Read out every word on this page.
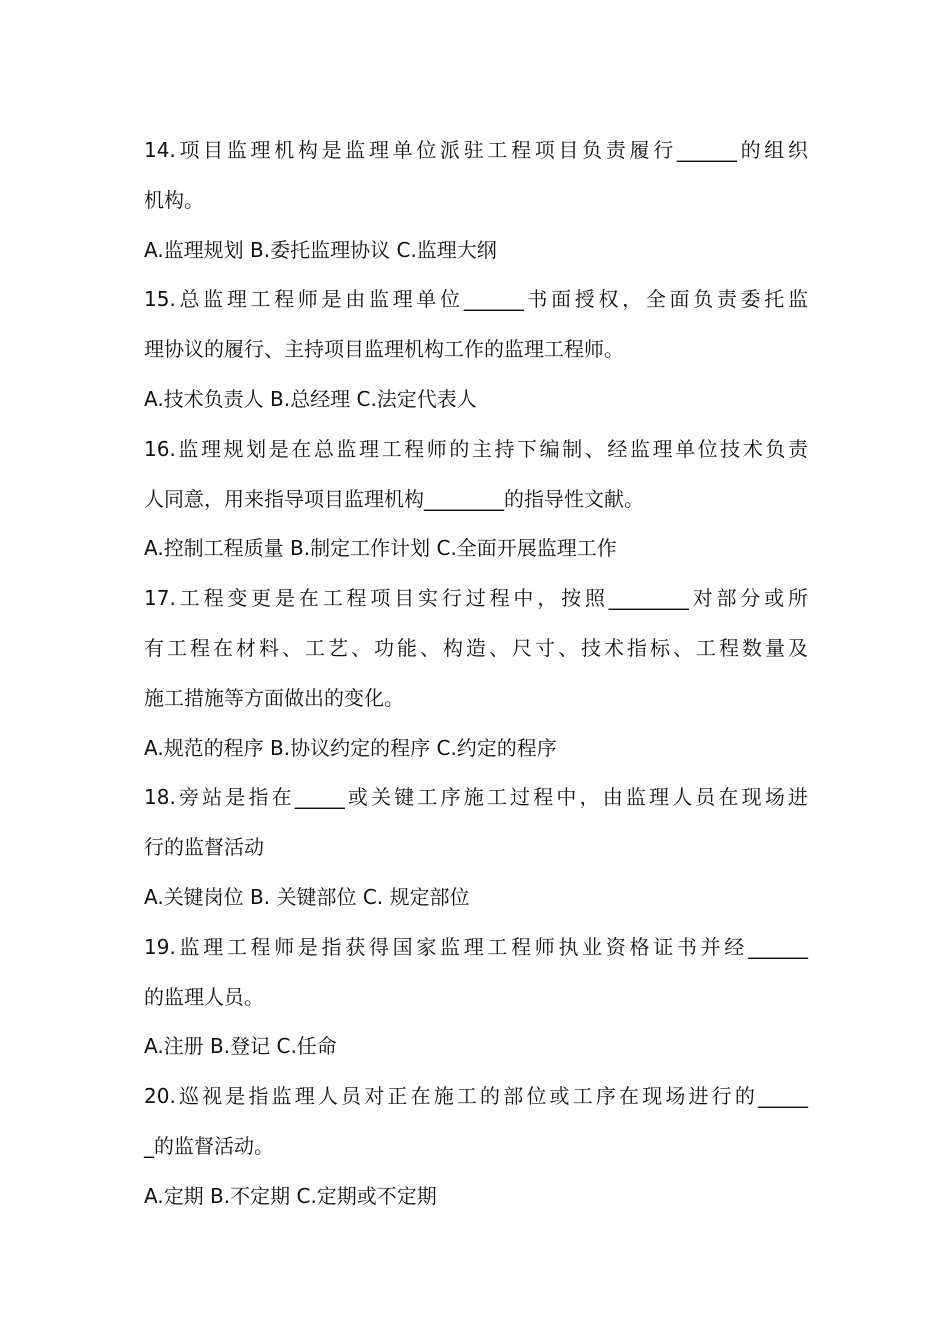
14.项目监理机构是监理单位派驻工程项目负责履行______的组织
机构。
A.监理规划 B.委托监理协议 C.监理大纲
15.总监理工程师是由监理单位______书面授权，全面负责委托监
理协议的履行、主持项目监理机构工作的监理工程师。
A.技术负责人 B.总经理 C.法定代表人
16.监理规划是在总监理工程师的主持下编制、经监理单位技术负责
人同意，用来指导项目监理机构________的指导性文献。
A.控制工程质量 B.制定工作计划 C.全面开展监理工作
17.工程变更是在工程项目实行过程中，按照________对部分或所
有工程在材料、工艺、功能、构造、尺寸、技术指标、工程数量及
施工措施等方面做出的变化。
A.规范的程序 B.协议约定的程序 C.约定的程序
18.旁站是指在_____或关键工序施工过程中，由监理人员在现场进
行的监督活动
A.关键岗位 B. 关键部位 C. 规定部位
19.监理工程师是指获得国家监理工程师执业资格证书并经______
的监理人员。
A.注册 B.登记 C.任命
20.巡视是指监理人员对正在施工的部位或工序在现场进行的_____
_的监督活动。
A.定期 B.不定期 C.定期或不定期
